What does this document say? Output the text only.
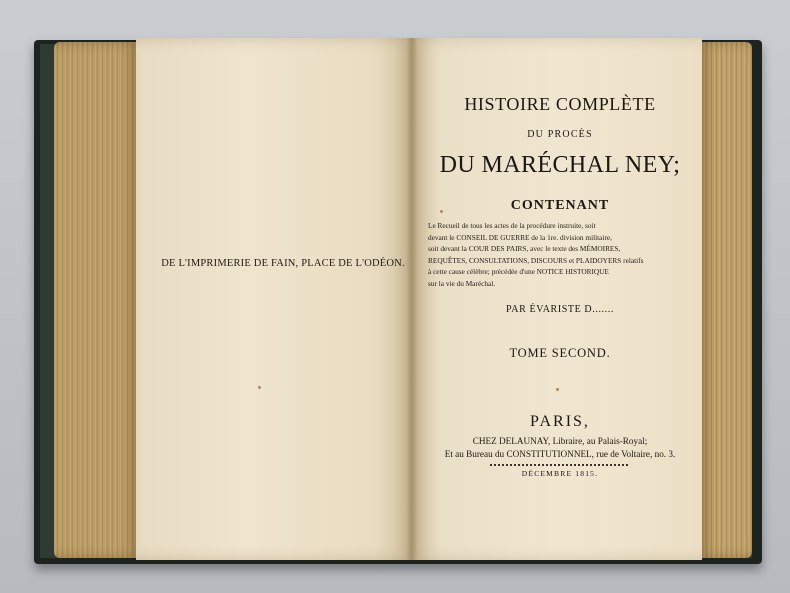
DE L'IMPRIMERIE DE FAIN, PLACE DE L'ODÉON.
HISTOIRE COMPLÈTE
DU PROCÈS
DU MARÉCHAL NEY;
CONTENANT
Le Recueil de tous les actes de la procédure instruite, soit
devant le CONSEIL DE GUERRE de la 1re. division militaire,
soit devant la COUR DES PAIRS, avec le texte des MÉMOIRES,
REQUÊTES, CONSULTATIONS, DISCOURS et PLAIDOYERS relatifs
à cette cause célèbre; précédée d'une NOTICE HISTORIQUE
sur la vie du Maréchal.
PAR ÉVARISTE D.......
TOME SECOND.
PARIS,
CHEZ DELAUNAY, Libraire, au Palais-Royal;
Et au Bureau du CONSTITUTIONNEL, rue de Voltaire, no. 3.
DÉCEMBRE 1815.
